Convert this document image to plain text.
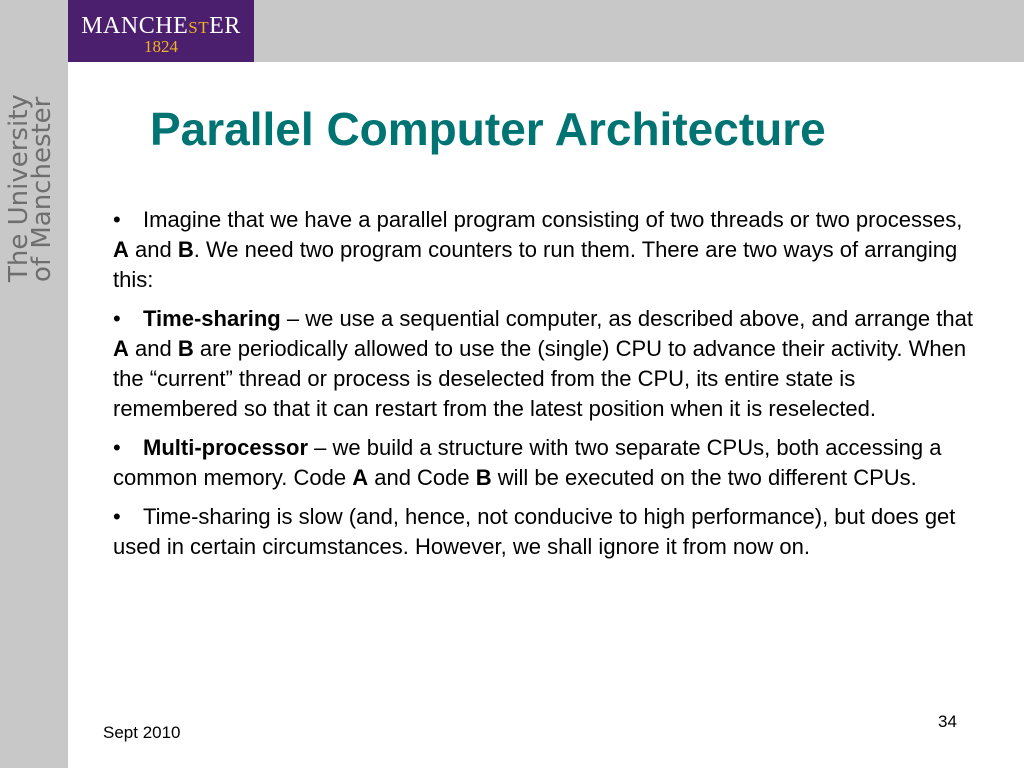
MANCHESTER
1824
The University
of Manchester Parallel Computer Architecture

• Imagine that we have a parallel program consisting of two threads or two processes, A and B. We need two program counters to run them. There are two ways of arranging this:

• Time-sharing – we use a sequential computer, as described above, and arrange that A and B are periodically allowed to use the (single) CPU to advance their activity. When the “current” thread or process is deselected from the CPU, its entire state is remembered so that it can restart from the latest position when it is reselected.

• Multi-processor – we build a structure with two separate CPUs, both accessing a common memory. Code A and Code B will be executed on the two different CPUs.

• Time-sharing is slow (and, hence, not conducive to high performance), but does get used in certain circumstances. However, we shall ignore it from now on.

Sept 2010
34
